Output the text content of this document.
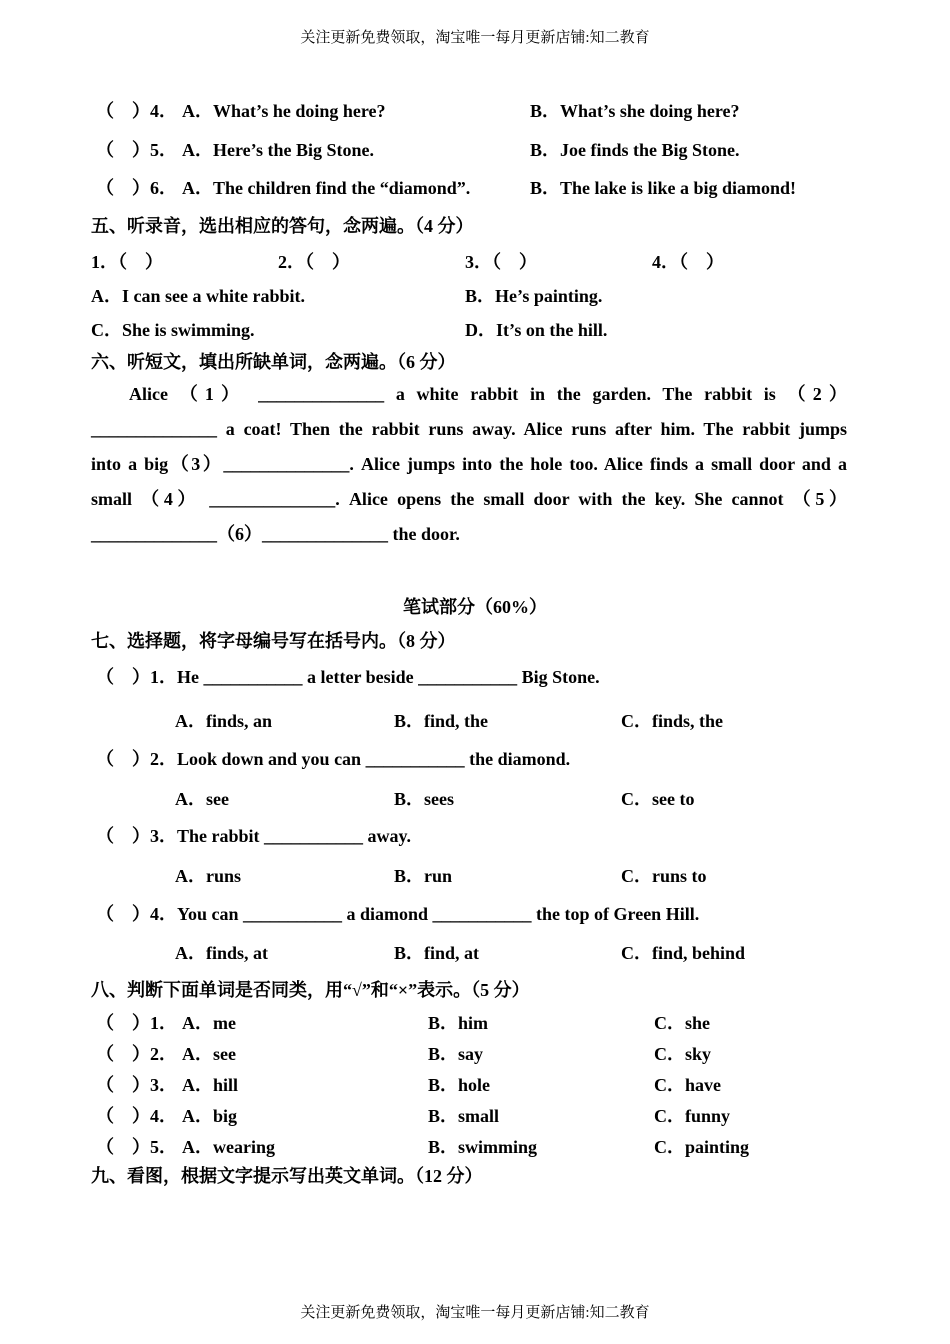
关注更新免费领取，淘宝唯一每月更新店铺:知二教育
（　）4． A．What’s he doing here?	B．What’s she doing here?
（　）5． A．Here’s the Big Stone.	B．Joe finds the Big Stone.
（　）6． A．The children find the “diamond”.	B．The lake is like a big diamond!
五、听录音，选出相应的答句，念两遍。（4 分）
1．（　）	2．（　）	3．（　）	4．（　）
A．I can see a white rabbit.	B．He’s painting.
C．She is swimming.	D．It’s on the hill.
六、听短文，填出所缺单词，念两遍。（6 分）
Alice （1） ______________ a white rabbit in the garden. The rabbit is （2）
______________ a coat! Then the rabbit runs away. Alice runs after him. The rabbit jumps
into a big（3）______________. Alice jumps into the hole too. Alice finds a small door and a
small （4） ______________. Alice opens the small door with the key. She cannot （5）
______________（6）______________ the door.
笔试部分（60%）
七、选择题，将字母编号写在括号内。（8 分）
（　）1．He ___________ a letter beside ___________ Big Stone.
A．finds, an	B．find, the	C．finds, the
（　）2．Look down and you can ___________ the diamond.
A．see	B．sees	C．see to
（　）3．The rabbit ___________ away.
A．runs	B．run	C．runs to
（　）4．You can ___________ a diamond ___________ the top of Green Hill.
A．finds, at	B．find, at	C．find, behind
八、判断下面单词是否同类，用“√”和“×”表示。（5 分）
（　）1． A．me	B．him	C．she
（　）2． A．see	B．say	C．sky
（　）3． A．hill	B．hole	C．have
（　）4． A．big	B．small	C．funny
（　）5． A．wearing	B．swimming	C．painting
九、看图，根据文字提示写出英文单词。（12 分）
关注更新免费领取，淘宝唯一每月更新店铺:知二教育
